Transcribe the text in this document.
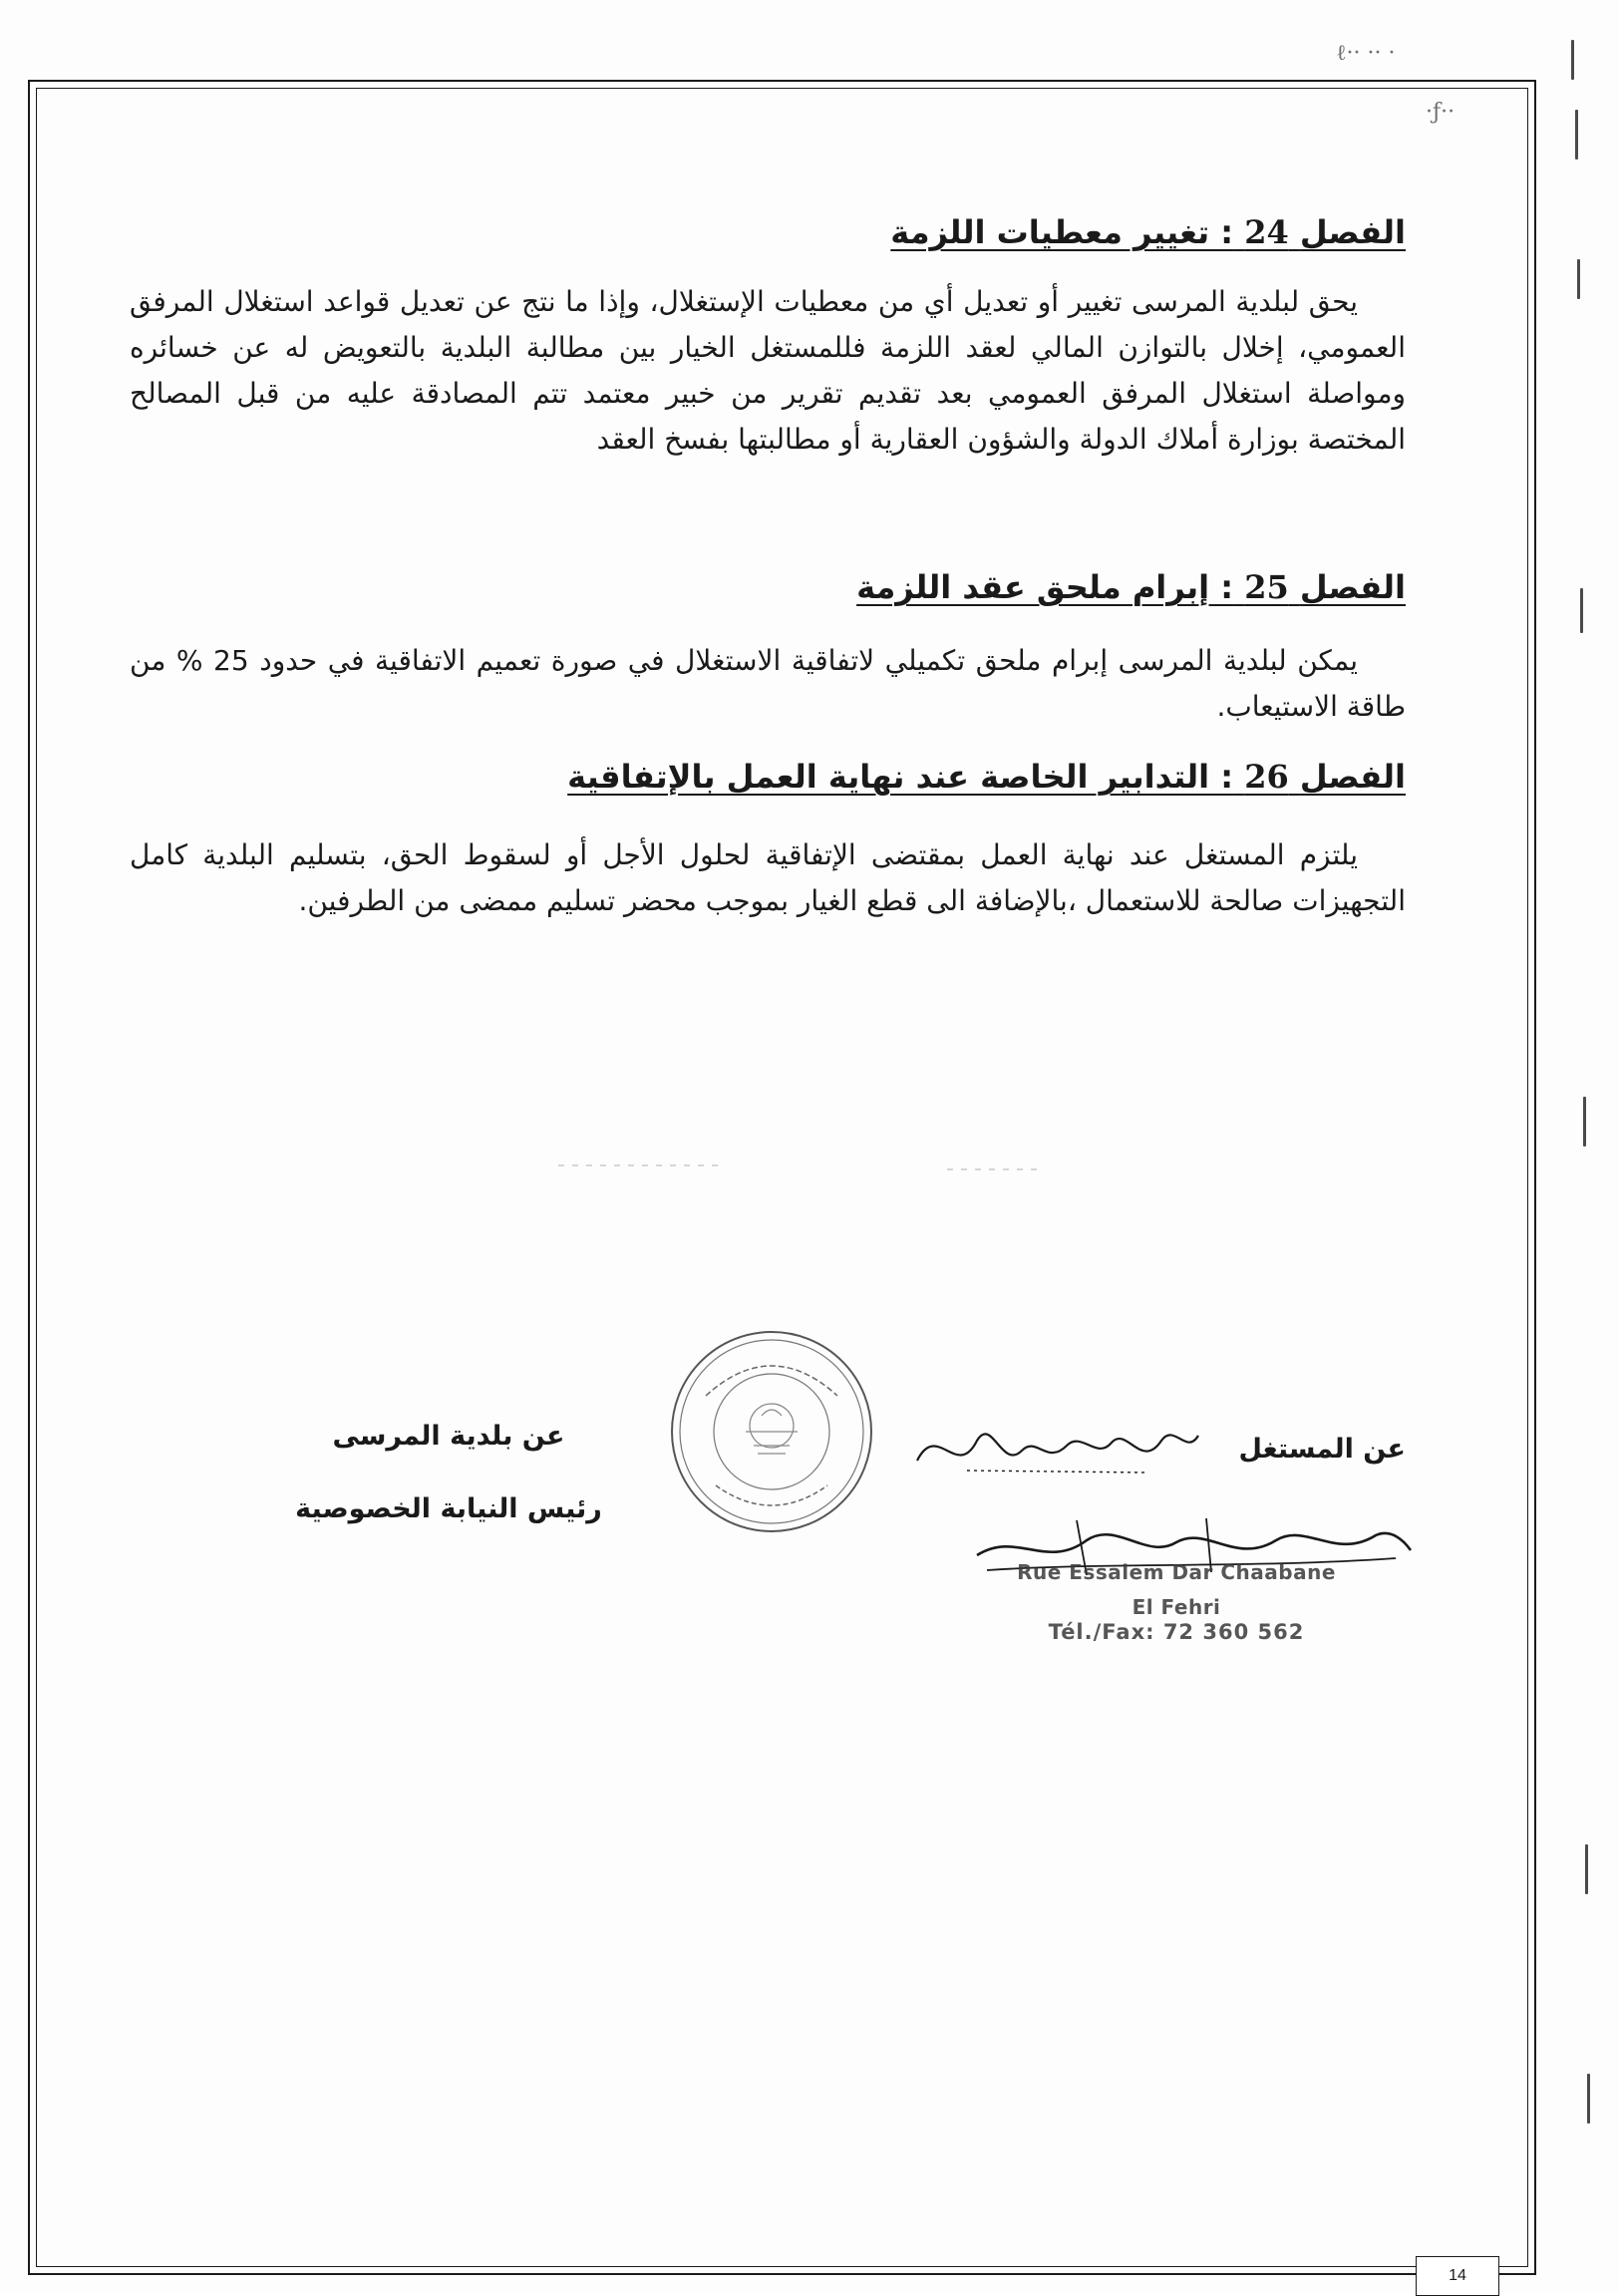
ℓ·· ·· ·
·ƒ··
الفصل 24 : تغيير معطيات اللزمة

يحق لبلدية المرسى تغيير أو تعديل أي من معطيات الإستغلال، وإذا ما نتج عن تعديل قواعد استغلال المرفق العمومي، إخلال بالتوازن المالي لعقد اللزمة فللمستغل الخيار بين مطالبة البلدية بالتعويض له عن خسائره ومواصلة استغلال المرفق العمومي بعد تقديم تقرير من خبير معتمد تتم المصادقة عليه من قبل المصالح المختصة بوزارة أملاك الدولة والشؤون العقارية أو مطالبتها بفسخ العقد

الفصل 25 : إبرام ملحق عقد اللزمة

يمكن لبلدية المرسى إبرام ملحق تكميلي لاتفاقية الاستغلال في صورة تعميم الاتفاقية في حدود 25 % من طاقة الاستيعاب.

الفصل 26 : التدابير الخاصة عند نهاية العمل بالإتفاقية

يلتزم المستغل عند نهاية العمل بمقتضى الإتفاقية لحلول الأجل أو لسقوط الحق، بتسليم البلدية كامل التجهيزات صالحة للاستعمال ،بالإضافة الى قطع الغيار بموجب محضر تسليم ممضى من الطرفين.

عن بلدية المرسى
رئيس النيابة الخصوصية
عن المستغل
Rue Essalem Dar Chaabane
El Fehri
Tél./Fax: 72 360 562
14
